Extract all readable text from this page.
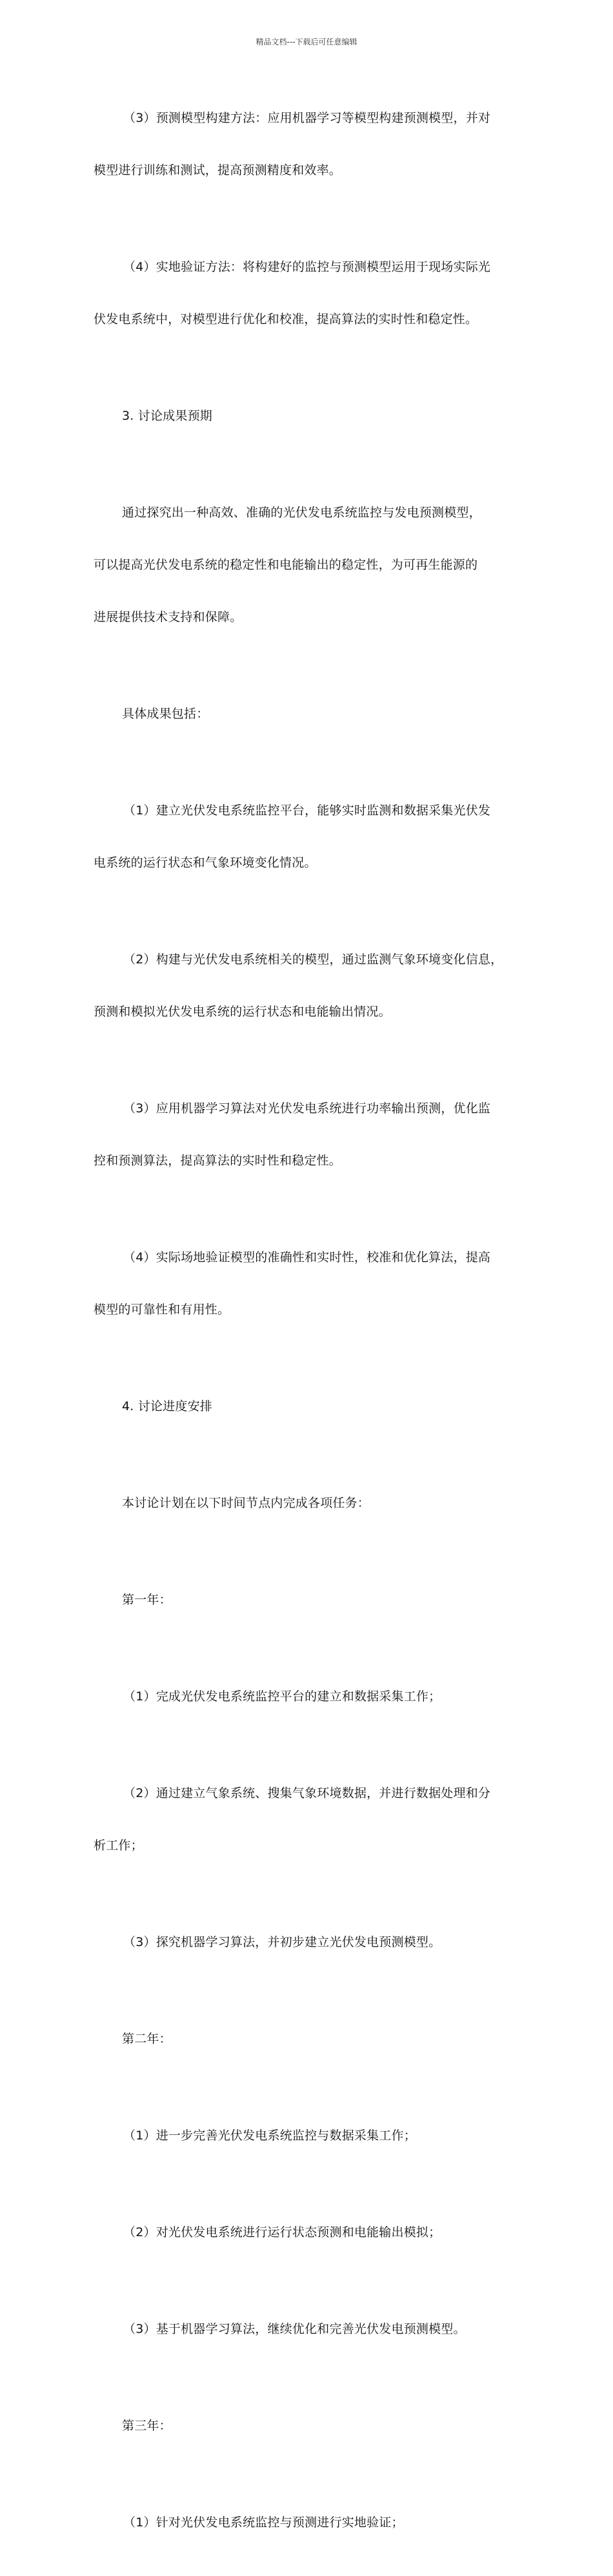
精品文档---下载后可任意编辑

（3）预测模型构建方法：应用机器学习等模型构建预测模型，并对

模型进行训练和测试，提高预测精度和效率。

（4）实地验证方法：将构建好的监控与预测模型运用于现场实际光

伏发电系统中，对模型进行优化和校准，提高算法的实时性和稳定性。

3. 讨论成果预期

通过探究出一种高效、准确的光伏发电系统监控与发电预测模型，

可以提高光伏发电系统的稳定性和电能输出的稳定性，为可再生能源的

进展提供技术支持和保障。

具体成果包括：

（1）建立光伏发电系统监控平台，能够实时监测和数据采集光伏发

电系统的运行状态和气象环境变化情况。

（2）构建与光伏发电系统相关的模型，通过监测气象环境变化信息，

预测和模拟光伏发电系统的运行状态和电能输出情况。

（3）应用机器学习算法对光伏发电系统进行功率输出预测，优化监

控和预测算法，提高算法的实时性和稳定性。

（4）实际场地验证模型的准确性和实时性，校准和优化算法，提高

模型的可靠性和有用性。

4. 讨论进度安排

本讨论计划在以下时间节点内完成各项任务：

第一年：

（1）完成光伏发电系统监控平台的建立和数据采集工作；

（2）通过建立气象系统、搜集气象环境数据，并进行数据处理和分

析工作；

（3）探究机器学习算法，并初步建立光伏发电预测模型。

第二年：

（1）进一步完善光伏发电系统监控与数据采集工作；

（2）对光伏发电系统进行运行状态预测和电能输出模拟；

（3）基于机器学习算法，继续优化和完善光伏发电预测模型。

第三年：

（1）针对光伏发电系统监控与预测进行实地验证；
